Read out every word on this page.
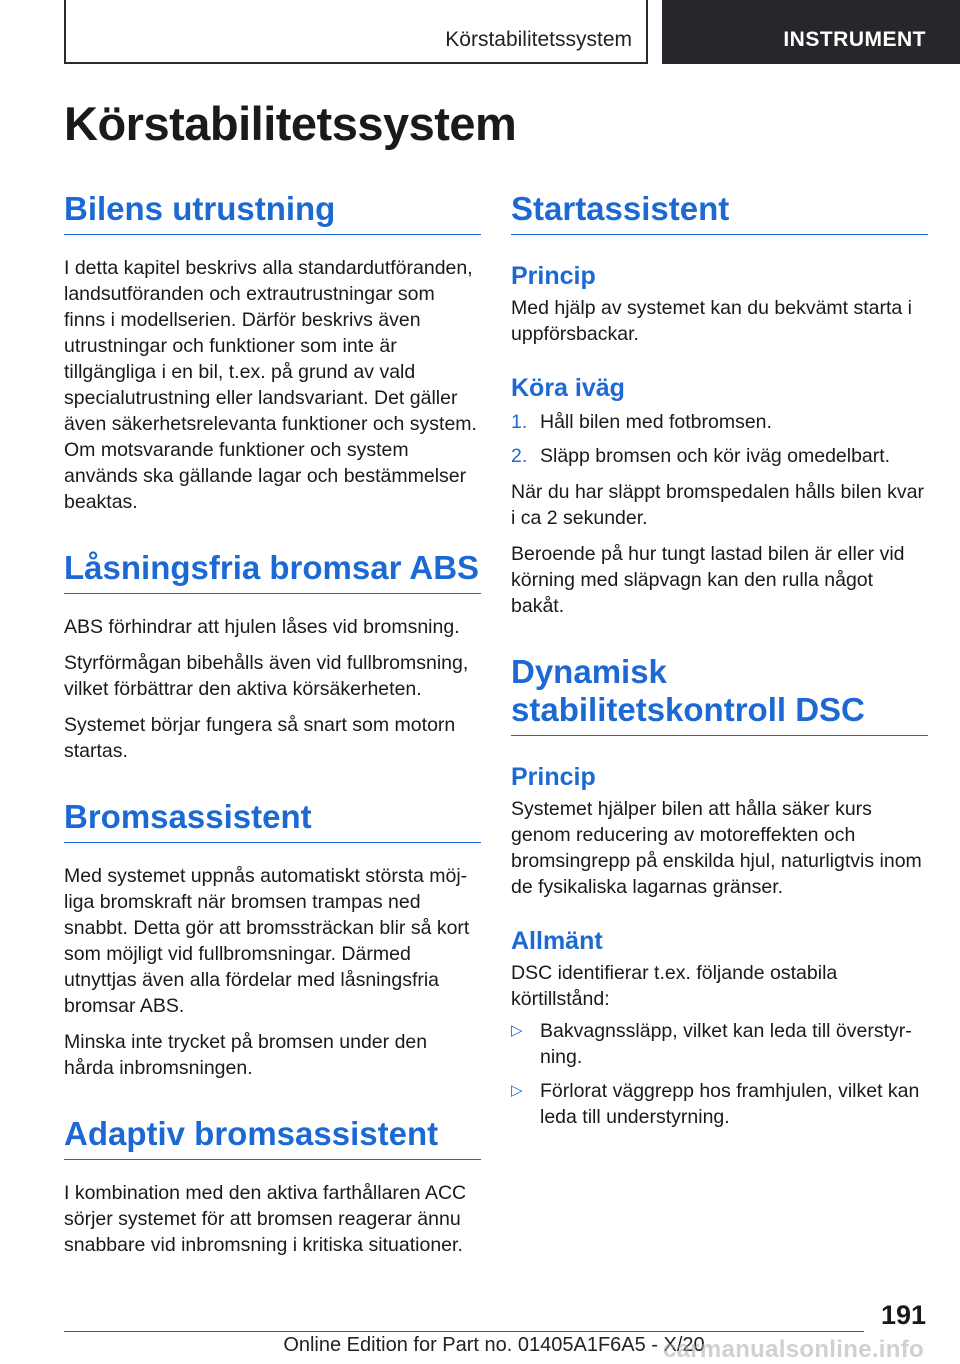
Körstabilitetssystem	INSTRUMENT
Körstabilitetssystem
Bilens utrustning

I detta kapitel beskrivs alla standardutföranden, landsutföranden och extrautrustningar som finns i modellserien. Därför beskrivs även utrustningar och funktioner som inte är tillgängliga i en bil, t.ex. på grund av vald specialutrustning eller landsvariant. Det gäller även säkerhetsrelevanta funktioner och system. Om motsvarande funktioner och system används ska gällande lagar och bestämmelser beaktas.

Låsningsfria bromsar ABS

ABS förhindrar att hjulen låses vid bromsning.

Styrförmågan bibehålls även vid fullbromsning, vilket förbättrar den aktiva körsäkerheten.

Systemet börjar fungera så snart som motorn startas.

Bromsassistent

Med systemet uppnås automatiskt största möjliga bromskraft när bromsen trampas ned snabbt. Detta gör att bromssträckan blir så kort som möjligt vid fullbromsningar. Därmed utnyttjas även alla fördelar med låsningsfria bromsar ABS.

Minska inte trycket på bromsen under den hårda inbromsningen.

Adaptiv bromsassistent

I kombination med den aktiva farthållaren ACC sörjer systemet för att bromsen reagerar ännu snabbare vid inbromsning i kritiska situationer.

Startassistent
Princip

Med hjälp av systemet kan du bekvämt starta i uppförsbackar.

Köra iväg
1. Håll bilen med fotbromsen.
2. Släpp bromsen och kör iväg omedelbart.

När du har släppt bromspedalen hålls bilen kvar i ca 2 sekunder.

Beroende på hur tungt lastad bilen är eller vid körning med släpvagn kan den rulla något bakåt.

Dynamisk stabilitetskontroll DSC
Princip

Systemet hjälper bilen att hålla säker kurs genom reducering av motoreffekten och bromsingrepp på enskilda hjul, naturligtvis inom de fysikaliska lagarnas gränser.

Allmänt

DSC identifierar t.ex. följande ostabila körtillstånd:

▷ Bakvagnssläpp, vilket kan leda till överstyrning.
▷ Förlorat väggrepp hos framhjulen, vilket kan leda till understyrning.
191
Online Edition for Part no. 01405A1F6A5 - X/20
carmanualsonline.info
